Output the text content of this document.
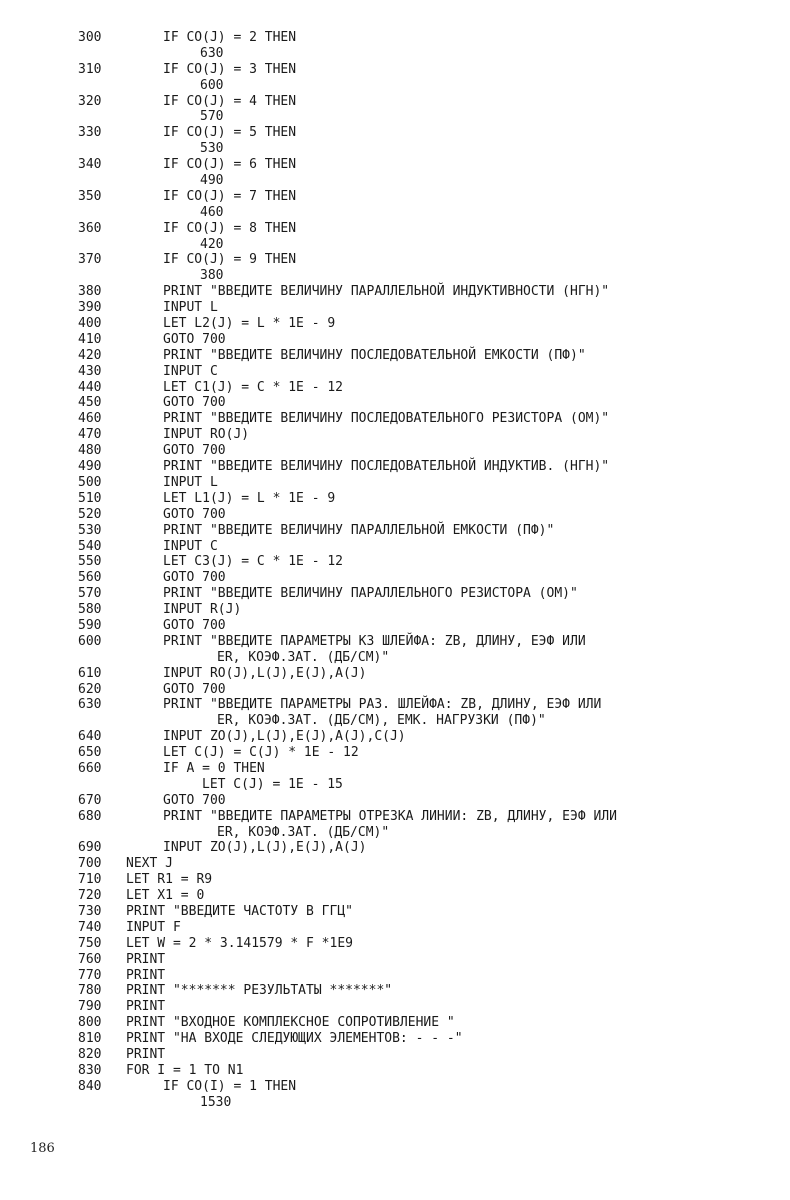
300	IF CO(J) = 2 THEN
630
310	IF CO(J) = 3 THEN
600
320	IF CO(J) = 4 THEN
570
330	IF CO(J) = 5 THEN
530
340	IF CO(J) = 6 THEN
490
350	IF CO(J) = 7 THEN
460
360	IF CO(J) = 8 THEN
420
370	IF CO(J) = 9 THEN
380
380	PRINT "ВВЕДИТЕ ВЕЛИЧИНУ ПАРАЛЛЕЛЬНОЙ ИНДУКТИВНОСТИ (НГН)"
390	INPUT L
400	LET L2(J) = L * 1E - 9
410	GOTO 700
420	PRINT "ВВЕДИТЕ ВЕЛИЧИНУ ПОСЛЕДОВАТЕЛЬНОЙ ЕМКОСТИ (ПФ)"
430	INPUT C
440	LET C1(J) = C * 1E - 12
450	GOTO 700
460	PRINT "ВВЕДИТЕ ВЕЛИЧИНУ ПОСЛЕДОВАТЕЛЬНОГО РЕЗИСТОРА (ОМ)"
470	INPUT RO(J)
480	GOTO 700
490	PRINT "ВВЕДИТЕ ВЕЛИЧИНУ ПОСЛЕДОВАТЕЛЬНОЙ ИНДУКТИВ. (НГН)"
500	INPUT L
510	LET L1(J) = L * 1E - 9
520	GOTO 700
530	PRINT "ВВЕДИТЕ ВЕЛИЧИНУ ПАРАЛЛЕЛЬНОЙ ЕМКОСТИ (ПФ)"
540	INPUT C
550	LET C3(J) = C * 1E - 12
560	GOTO 700
570	PRINT "ВВЕДИТЕ ВЕЛИЧИНУ ПАРАЛЛЕЛЬНОГО РЕЗИСТОРА (ОМ)"
580	INPUT R(J)
590	GOTO 700
600	PRINT "ВВЕДИТЕ ПАРАМЕТРЫ КЗ ШЛЕЙФА: ZВ, ДЛИНУ, ЕЭФ ИЛИ
ER, КОЭФ.ЗАТ. (ДБ/СМ)"
610	INPUT RO(J),L(J),E(J),A(J)
620	GOTO 700
630	PRINT "ВВЕДИТЕ ПАРАМЕТРЫ РАЗ. ШЛЕЙФА: ZВ, ДЛИНУ, ЕЭФ ИЛИ
ER, КОЭФ.ЗАТ. (ДБ/СМ), ЕМК. НАГРУЗКИ (ПФ)"
640	INPUT ZO(J),L(J),E(J),A(J),C(J)
650	LET C(J) = C(J) * 1E - 12
660	IF A = 0 THEN
LET C(J) = 1E - 15
670	GOTO 700
680	PRINT "ВВЕДИТЕ ПАРАМЕТРЫ ОТРЕЗКА ЛИНИИ: ZВ, ДЛИНУ, ЕЭФ ИЛИ
ER, КОЭФ.ЗАТ. (ДБ/СМ)"
690	INPUT ZO(J),L(J),E(J),A(J)
700 NEXT J
710 LET R1 = R9
720 LET X1 = 0
730 PRINT "ВВЕДИТЕ ЧАСТОТУ В ГГЦ"
740 INPUT F
750 LET W = 2 * 3.141579 * F *1E9
760 PRINT
770 PRINT
780 PRINT "******* РЕЗУЛЬТАТЫ *******"
790 PRINT
800 PRINT "ВХОДНОЕ КОМПЛЕКСНОЕ СОПРОТИВЛЕНИЕ "
810 PRINT "НА ВХОДЕ СЛЕДУЮЩИХ ЭЛЕМЕНТОВ: - - -"
820 PRINT
830 FOR I = 1 TO N1
840	IF CO(I) = 1 THEN
1530
186
